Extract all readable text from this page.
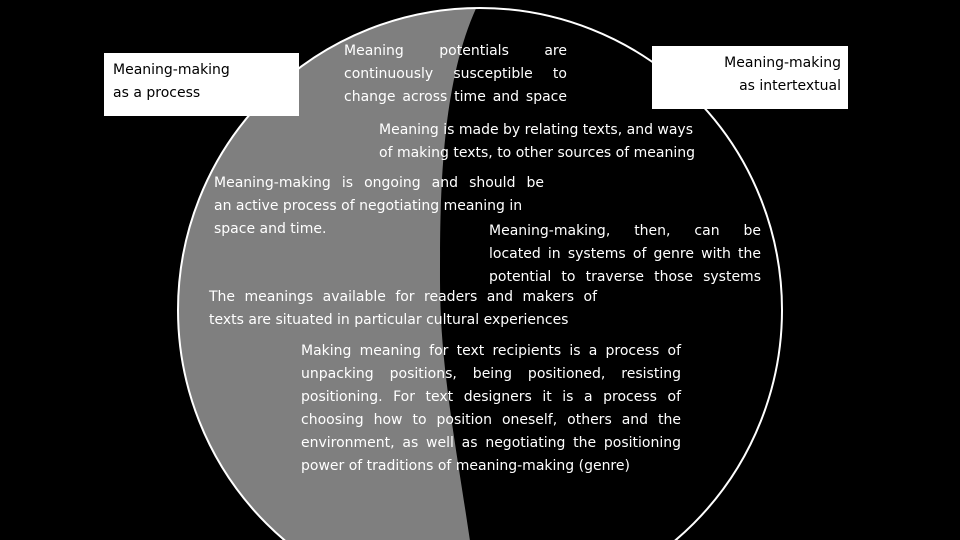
Meaning-making
as a process
Meaning-making
as intertextual
Meaning potentials are
continuously susceptible to
change across time and space
Meaning is made by relating texts, and ways
of making texts, to other sources of meaning
Meaning-making is ongoing and should be
an active process of negotiating meaning in
space and time.	Meaning-making, then, can be
located in systems of genre with the
potential to traverse those systems
The meanings available for readers and makers of
texts are situated in particular cultural experiences
Making meaning for text recipients is a process of
unpacking positions, being positioned, resisting
positioning. For text designers it is a process of
choosing how to position oneself, others and the
environment, as well as negotiating the positioning
power of traditions of meaning-making (genre)
